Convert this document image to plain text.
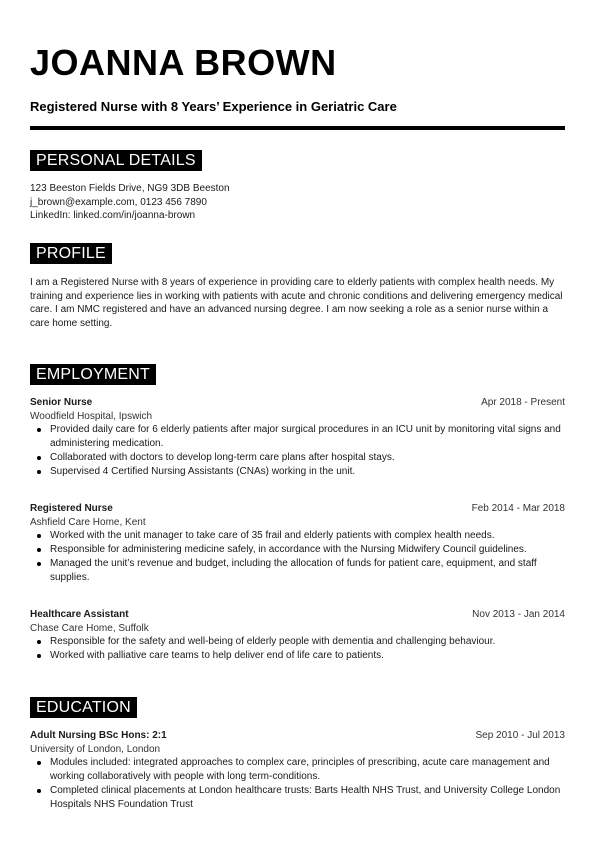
JOANNA BROWN

Registered Nurse with 8 Years’ Experience in Geriatric Care

PERSONAL DETAILS
123 Beeston Fields Drive, NG9 3DB Beeston
j_brown@example.com, 0123 456 7890
LinkedIn: linked.com/in/joanna-brown
PROFILE
I am a Registered Nurse with 8 years of experience in providing care to elderly patients with complex health needs. My training and experience lies in working with patients with acute and chronic conditions and delivering emergency medical care. I am NMC registered and have an advanced nursing degree. I am now seeking a role as a senior nurse within a care home setting.
EMPLOYMENT
Senior Nurse	Apr 2018 - Present
Woodfield Hospital, Ipswich
Provided daily care for 6 elderly patients after major surgical procedures in an ICU unit by monitoring vital signs and administering medication.
Collaborated with doctors to develop long-term care plans after hospital stays.
Supervised 4 Certified Nursing Assistants (CNAs) working in the unit.
Registered Nurse	Feb 2014 - Mar 2018
Ashfield Care Home, Kent
Worked with the unit manager to take care of 35 frail and elderly patients with complex health needs.
Responsible for administering medicine safely, in accordance with the Nursing Midwifery Council guidelines.
Managed the unit’s revenue and budget, including the allocation of funds for patient care, equipment, and staff supplies.
Healthcare Assistant	Nov 2013 - Jan 2014
Chase Care Home, Suffolk
Responsible for the safety and well-being of elderly people with dementia and challenging behaviour.
Worked with palliative care teams to help deliver end of life care to patients.
EDUCATION
Adult Nursing BSc Hons: 2:1	Sep 2010 - Jul 2013
University of London, London
Modules included: integrated approaches to complex care, principles of prescribing, acute care management and working collaboratively with people with long term-conditions.
Completed clinical placements at London healthcare trusts: Barts Health NHS Trust, and University College London Hospitals NHS Foundation Trust
